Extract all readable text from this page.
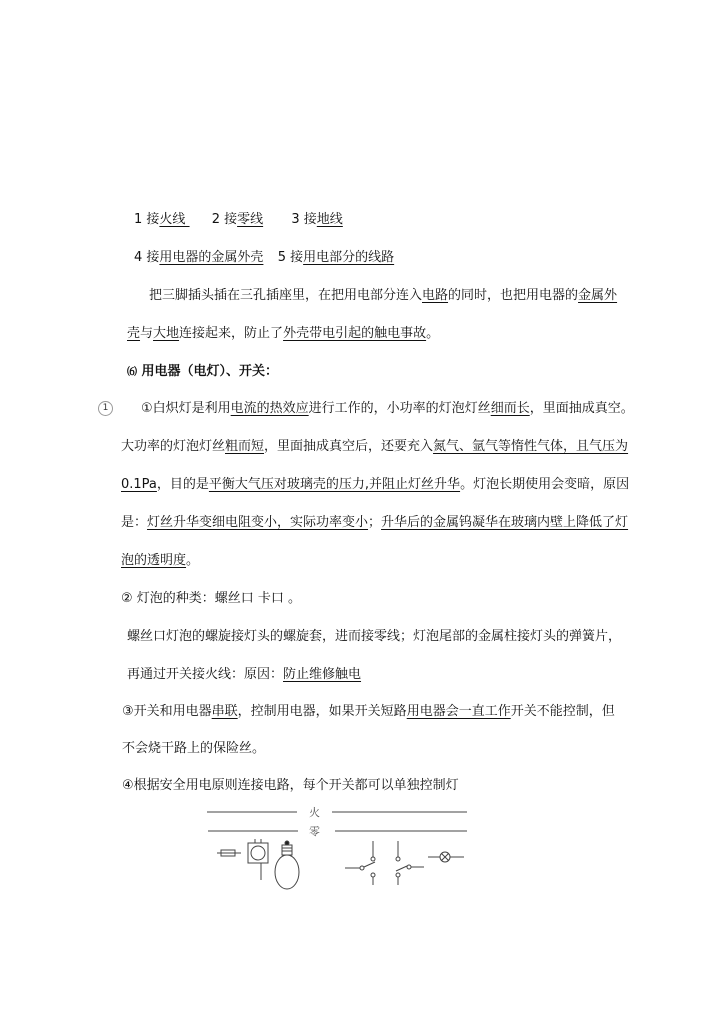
1 接火线  2 接零线 3 接地线
4 接用电器的金属外壳 5 接用电部分的线路
把三脚插头插在三孔插座里，在把用电部分连入电路的同时，也把用电器的金属外
壳与大地连接起来，防止了外壳带电引起的触电事故。
⑹ 用电器（电灯）、开关：
1	①白炽灯是利用电流的热效应进行工作的，小功率的灯泡灯丝细而长，里面抽成真空。
大功率的灯泡灯丝粗而短，里面抽成真空后，还要充入氮气、氩气等惰性气体，且气压为
0.1Pa，目的是平衡大气压对玻璃壳的压力,并阻止灯丝升华。灯泡长期使用会变暗，原因
是：灯丝升华变细电阻变小，实际功率变小；升华后的金属钨凝华在玻璃内壁上降低了灯
泡的透明度。
② 灯泡的种类：螺丝口 卡口 。
螺丝口灯泡的螺旋接灯头的螺旋套，进而接零线；灯泡尾部的金属柱接灯头的弹簧片，
再通过开关接火线：原因：防止维修触电
③开关和用电器串联，控制用电器，如果开关短路用电器会一直工作开关不能控制，但
不会烧干路上的保险丝。
④根据安全用电原则连接电路，每个开关都可以单独控制灯
火
零
